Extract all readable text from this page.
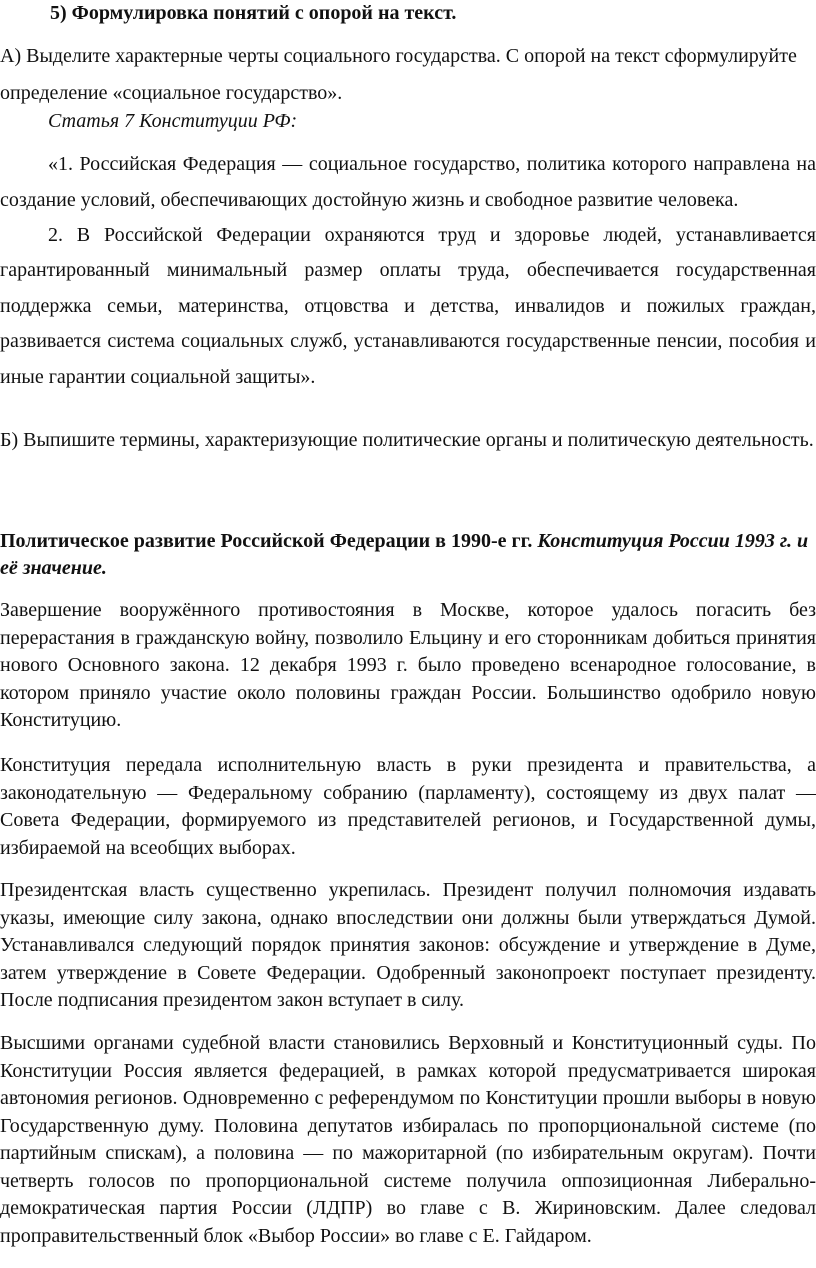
5) Формулировка понятий с опорой на текст.

А) Выделите характерные черты социального государства. С опорой на текст сформулируйте определение «социальное государство».

Статья 7 Конституции РФ:

«1. Российская Федерация — социальное государство, политика которого направлена на создание условий, обеспечивающих достойную жизнь и свободное развитие человека.

2. В Российской Федерации охраняются труд и здоровье людей, устанавливается гарантированный минимальный размер оплаты труда, обеспечивается государственная поддержка семьи, материнства, отцовства и детства, инвалидов и пожилых граждан, развивается система социальных служб, устанавливаются государственные пенсии, пособия и иные гарантии социальной защиты».

Б) Выпишите термины, характеризующие политические органы и политическую деятельность.

Политическое развитие Российской Федерации в 1990-е гг. Конституция России 1993 г. и её значение.

Завершение вооружённого противостояния в Москве, которое удалось погасить без перерастания в гражданскую войну, позволило Ельцину и его сторонникам добиться принятия нового Основного закона. 12 декабря 1993 г. было проведено всенародное голосование, в котором приняло участие около половины граждан России. Большинство одобрило новую Конституцию.

Конституция передала исполнительную власть в руки президента и правительства, а законодательную — Федеральному собранию (парламенту), состоящему из двух палат — Совета Федерации, формируемого из представителей регионов, и Государственной думы, избираемой на всеобщих выборах.

Президентская власть существенно укрепилась. Президент получил полномочия издавать указы, имеющие силу закона, однако впоследствии они должны были утверждаться Думой. Устанавливался следующий порядок принятия законов: обсуждение и утверждение в Думе, затем утверждение в Совете Федерации. Одобренный законопроект поступает президенту. После подписания президентом закон вступает в силу.

Высшими органами судебной власти становились Верховный и Конституционный суды. По Конституции Россия является федерацией, в рамках которой предусматривается широкая автономия регионов. Одновременно с референдумом по Конституции прошли выборы в новую Государственную думу. Половина депутатов избиралась по пропорциональной системе (по партийным спискам), а половина — по мажоритарной (по избирательным округам). Почти четверть голосов по пропорциональной системе получила оппозиционная Либерально-демократическая партия России (ЛДПР) во главе с В. Жириновским. Далее следовал проправительственный блок «Выбор России» во главе с Е. Гайдаром.
